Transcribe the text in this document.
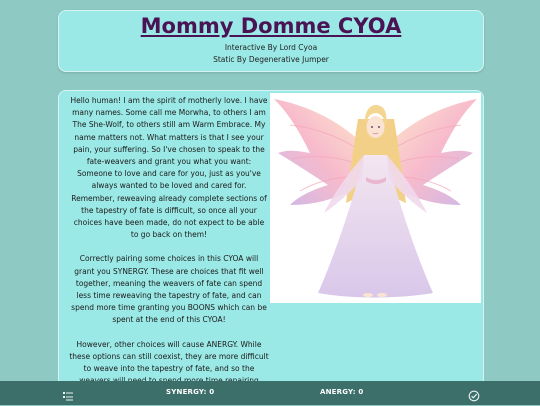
Mommy Domme CYOA
Interactive By Lord Cyoa
Static By Degenerative Jumper

Hello human! I am the spirit of motherly love. I have many names. Some call me Morwha, to others I am The She-Wolf, to others still am Warm Embrace. My name matters not. What matters is that I see your pain, your suffering. So I've chosen to speak to the fate-weavers and grant you what you want: Someone to love and care for you, just as you've always wanted to be loved and cared for. Remember, reweaving already complete sections of the tapestry of fate is difficult, so once all your choices have been made, do not expect to be able to go back on them!

Correctly pairing some choices in this CYOA will grant you SYNERGY. These are choices that fit well together, meaning the weavers of fate can spend less time reweaving the tapestry of fate, and can spend more time granting you BOONS which can be spent at the end of this CYOA!

However, other choices will cause ANERGY. While these options can still coexist, they are more difficult to weave into the tapestry of fate, and so the

SYNERGY: 0	ANERGY: 0
